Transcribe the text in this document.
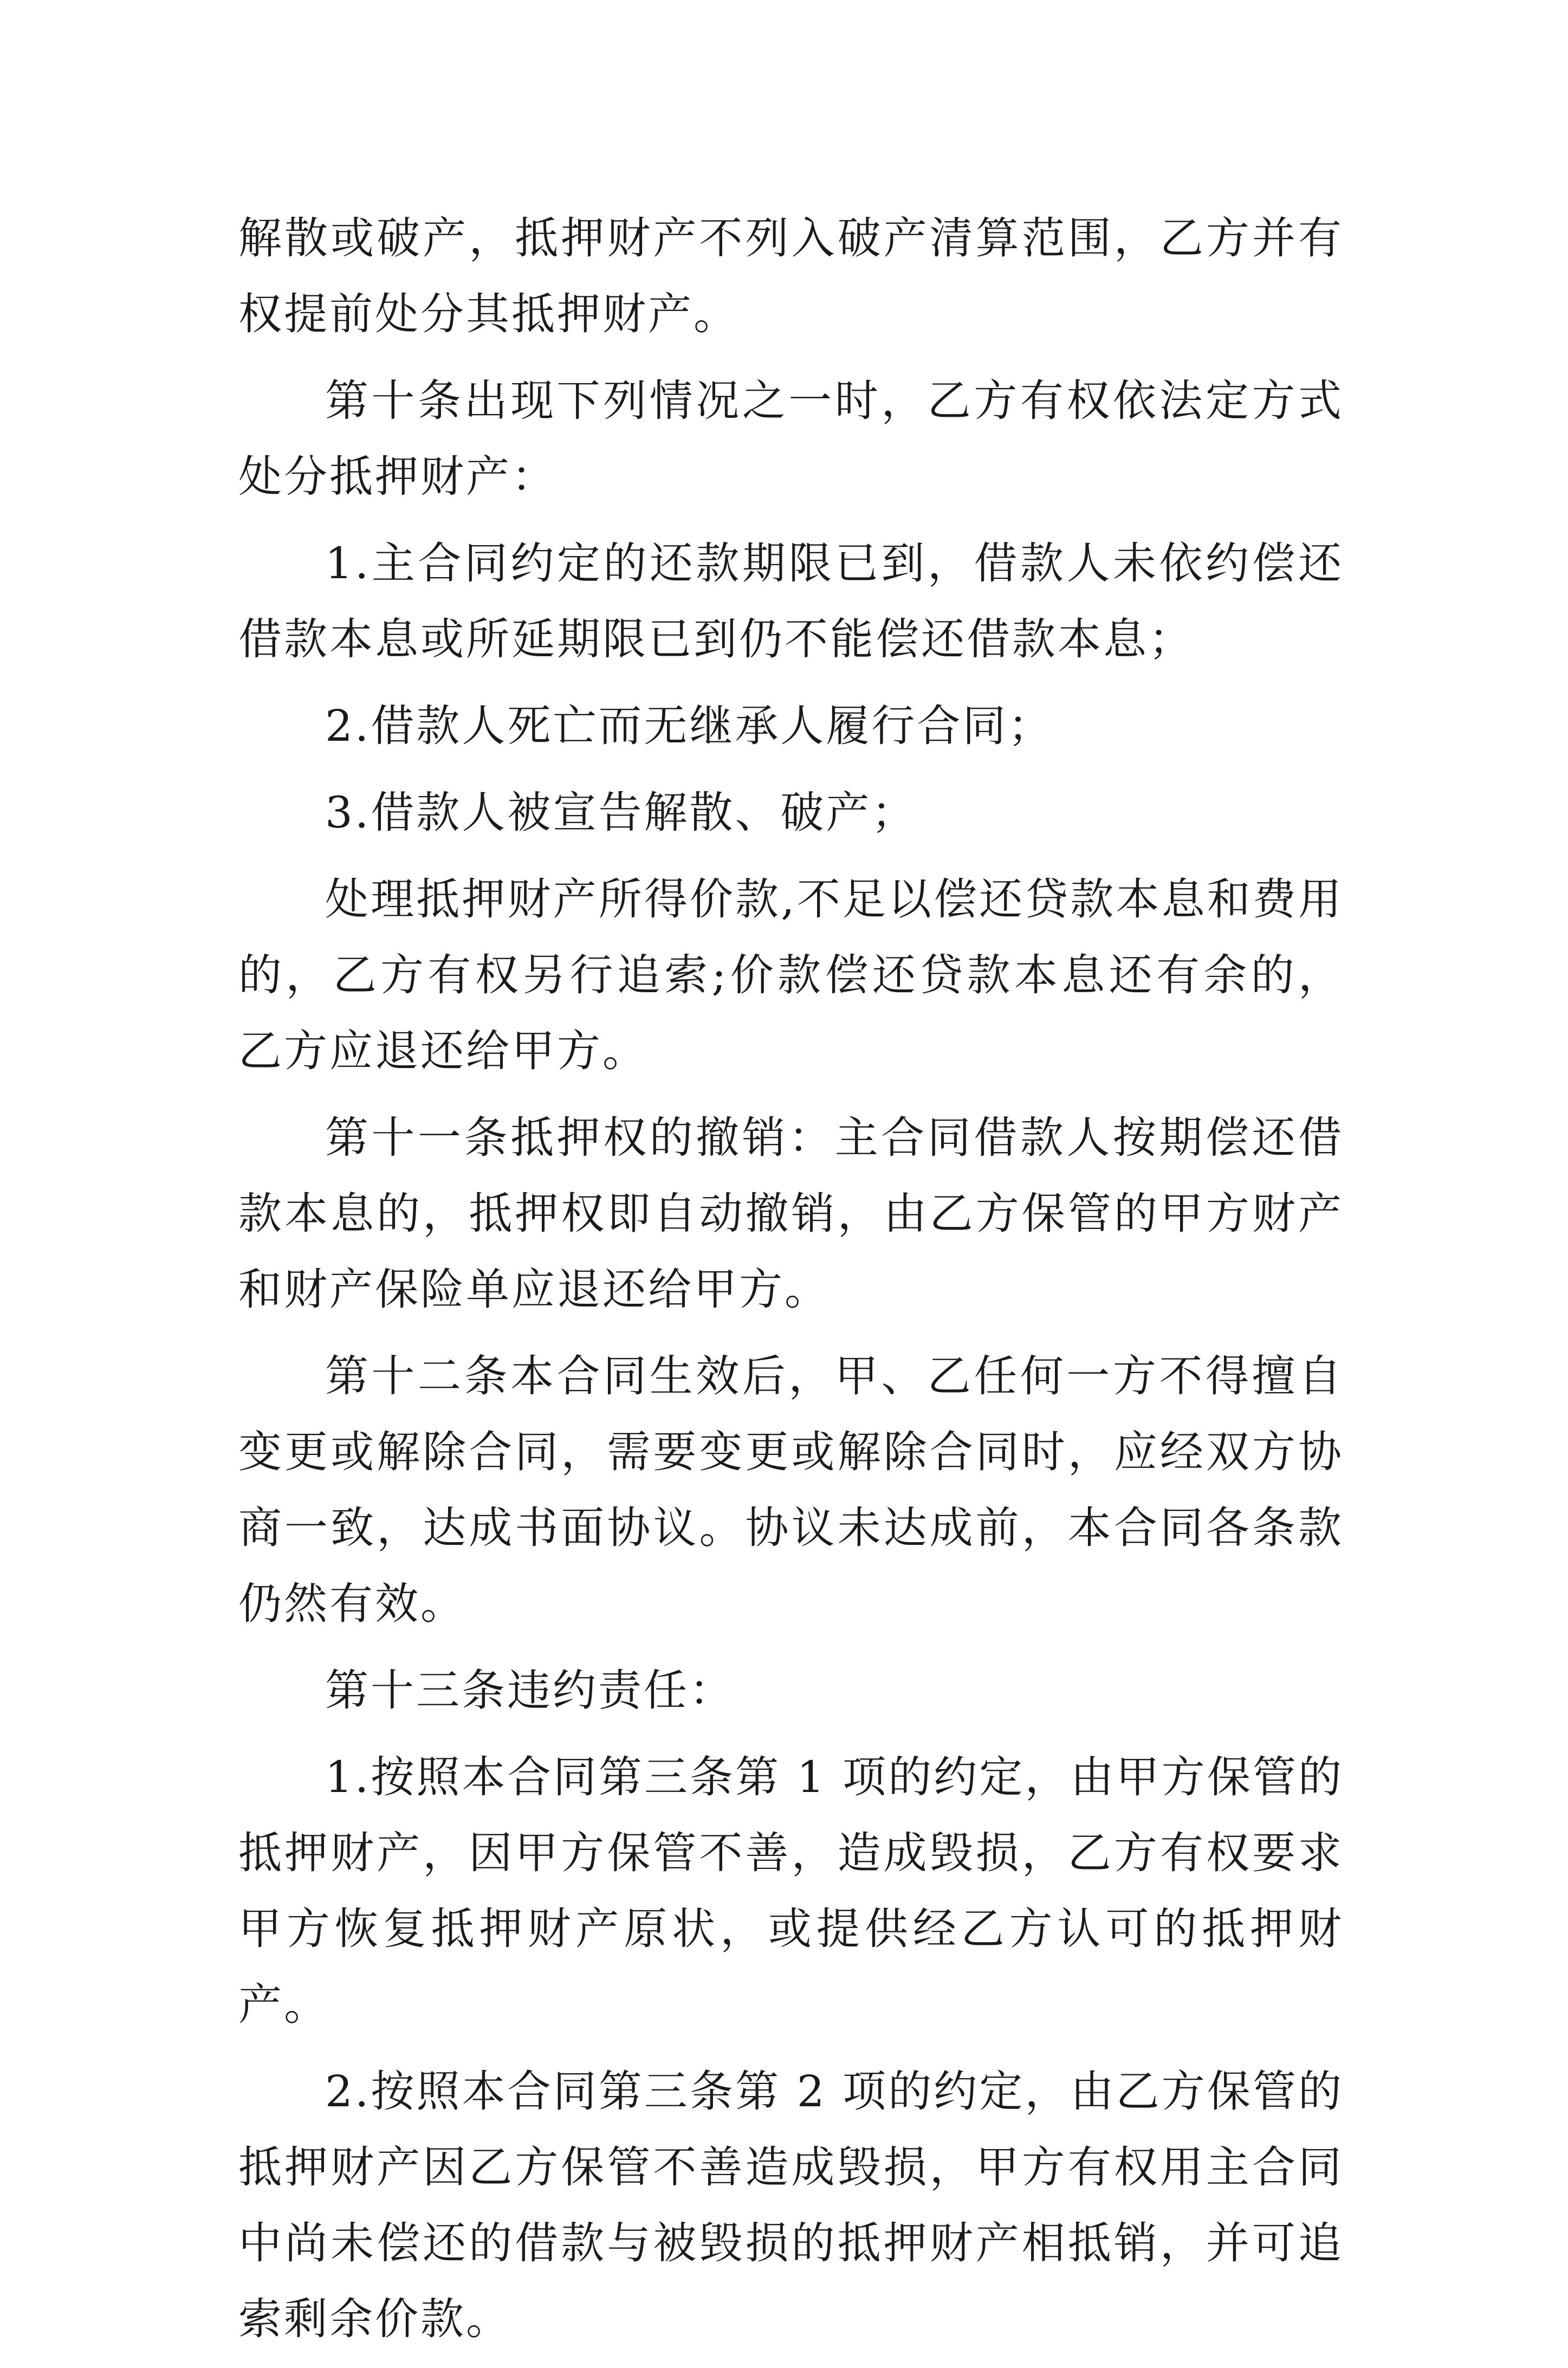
解散或破产，抵押财产不列入破产清算范围，乙方并有权提前处分其抵押财产。

第十条出现下列情况之一时，乙方有权依法定方式处分抵押财产：

1.主合同约定的还款期限已到，借款人未依约偿还借款本息或所延期限已到仍不能偿还借款本息；

2.借款人死亡而无继承人履行合同；

3.借款人被宣告解散、破产；

处理抵押财产所得价款,不足以偿还贷款本息和费用的，乙方有权另行追索;价款偿还贷款本息还有余的，乙方应退还给甲方。

第十一条抵押权的撤销：主合同借款人按期偿还借款本息的，抵押权即自动撤销，由乙方保管的甲方财产和财产保险单应退还给甲方。

第十二条本合同生效后，甲、乙任何一方不得擅自变更或解除合同，需要变更或解除合同时，应经双方协商一致，达成书面协议。协议未达成前，本合同各条款仍然有效。

第十三条违约责任：

1.按照本合同第三条第 1 项的约定，由甲方保管的抵押财产，因甲方保管不善，造成毁损，乙方有权要求甲方恢复抵押财产原状，或提供经乙方认可的抵押财产。

2.按照本合同第三条第 2 项的约定，由乙方保管的抵押财产因乙方保管不善造成毁损，甲方有权用主合同中尚未偿还的借款与被毁损的抵押财产相抵销，并可追索剩余价款。
